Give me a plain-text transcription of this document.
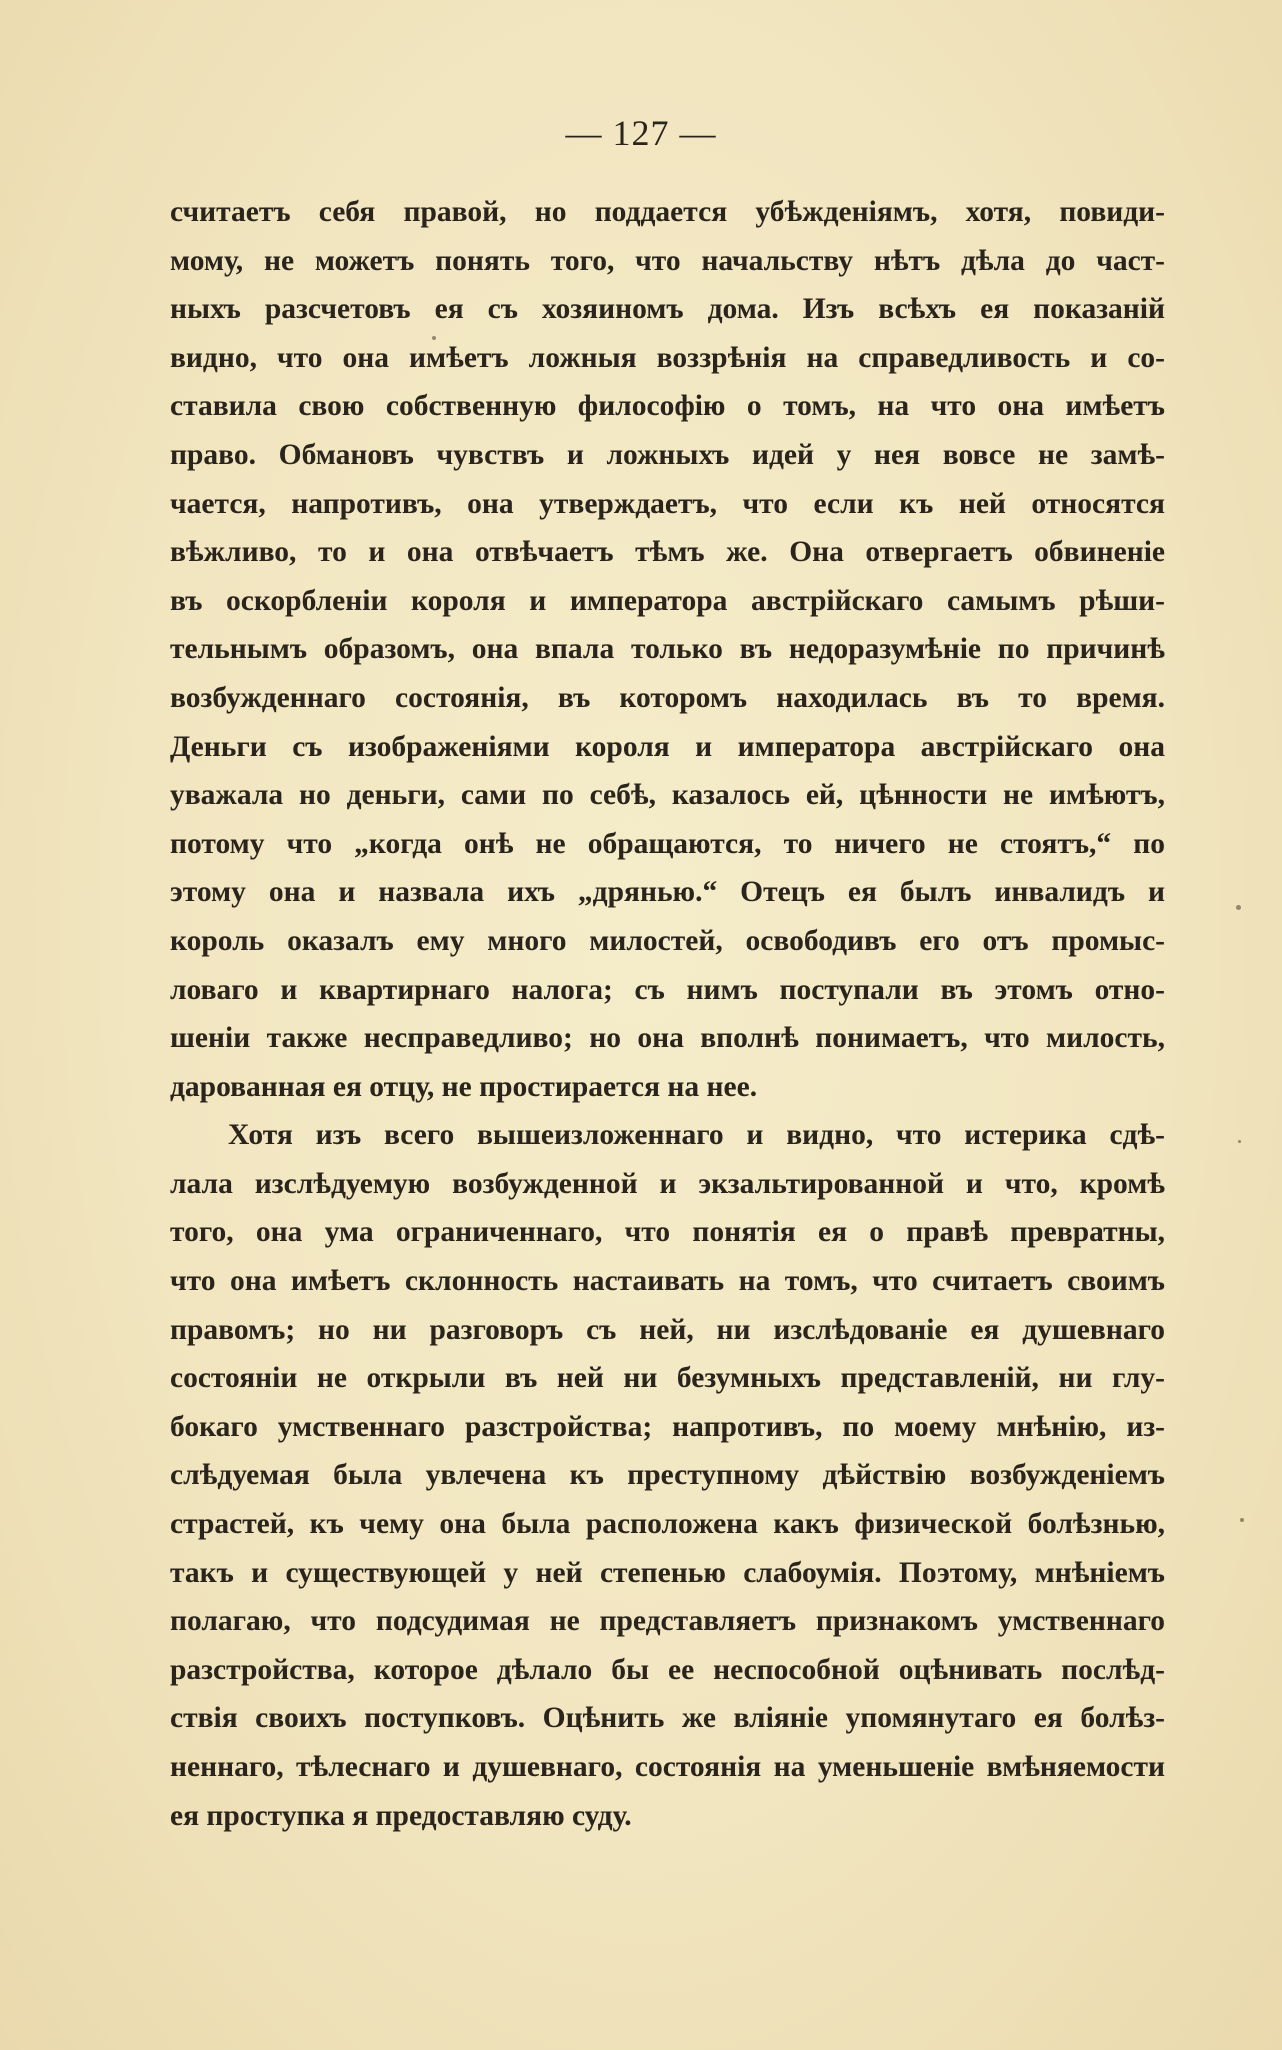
— 127 —
считаетъ себя правой, но поддается убѣжденіямъ, хотя, повиди-
мому, не можетъ понять того, что начальству нѣтъ дѣла до част-
ныхъ разсчетовъ ея съ хозяиномъ дома. Изъ всѣхъ ея показаній
видно, что она имѣетъ ложныя воззрѣнія на справедливость и со-
ставила свою собственную философію о томъ, на что она имѣетъ
право. Обмановъ чувствъ и ложныхъ идей у нея вовсе не замѣ-
чается, напротивъ, она утверждаетъ, что если къ ней относятся
вѣжливо, то и она отвѣчаетъ тѣмъ же. Она отвергаетъ обвиненіе
въ оскорбленіи короля и императора австрійскаго самымъ рѣши-
тельнымъ образомъ, она впала только въ недоразумѣніе по причинѣ
возбужденнаго состоянія, въ которомъ находилась въ то время.
Деньги съ изображеніями короля и императора австрійскаго она
уважала но деньги, сами по себѣ, казалось ей, цѣнности не имѣютъ,
потому что „когда онѣ не обращаются, то ничего не стоятъ,“ по
этому она и назвала ихъ „дрянью.“ Отецъ ея былъ инвалидъ и
король оказалъ ему много милостей, освободивъ его отъ промыс-
ловаго и квартирнаго налога; съ нимъ поступали въ этомъ отно-
шеніи также несправедливо; но она вполнѣ понимаетъ, что милость,
дарованная ея отцу, не простирается на нее.
Хотя изъ всего вышеизложеннаго и видно, что истерика сдѣ-
лала изслѣдуемую возбужденной и экзальтированной и что, кромѣ
того, она ума ограниченнаго, что понятія ея о правѣ превратны,
что она имѣетъ склонность настаивать на томъ, что считаетъ своимъ
правомъ; но ни разговоръ съ ней, ни изслѣдованіе ея душевнаго
состояніи не открыли въ ней ни безумныхъ представленій, ни глу-
бокаго умственнаго разстройства; напротивъ, по моему мнѣнію, из-
слѣдуемая была увлечена къ преступному дѣйствію возбужденіемъ
страстей, къ чему она была расположена какъ физической болѣзнью,
такъ и существующей у ней степенью слабоумія. Поэтому, мнѣніемъ
полагаю, что подсудимая не представляетъ признакомъ умственнаго
разстройства, которое дѣлало бы ее неспособной оцѣнивать послѣд-
ствія своихъ поступковъ. Оцѣнить же вліяніе упомянутаго ея болѣз-
неннаго, тѣлеснаго и душевнаго, состоянія на уменьшеніе вмѣняемости
ея проступка я предоставляю суду.
